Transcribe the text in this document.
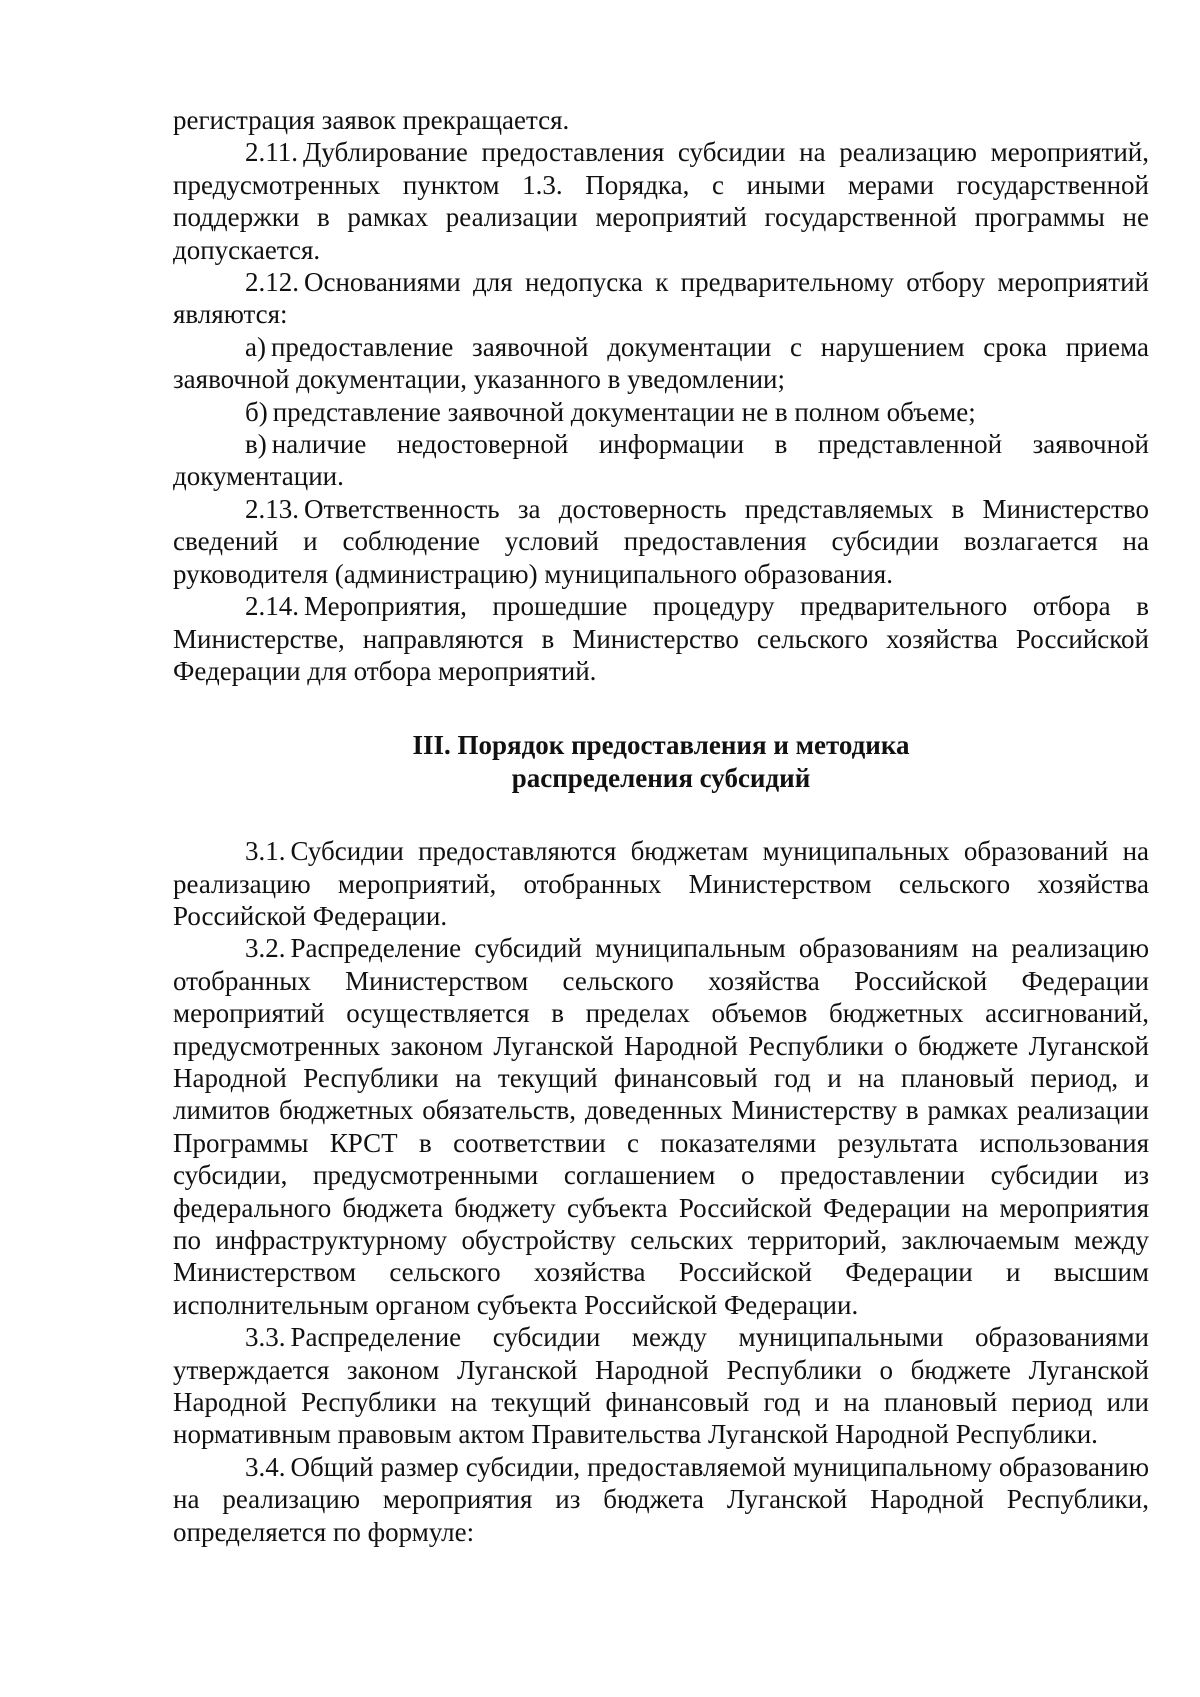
регистрация заявок прекращается.

2.11. Дублирование предоставления субсидии на реализацию мероприятий, предусмотренных пунктом 1.3. Порядка, с иными мерами государственной поддержки в рамках реализации мероприятий государственной программы не допускается.

2.12. Основаниями для недопуска к предварительному отбору мероприятий являются:

а) предоставление заявочной документации с нарушением срока приема заявочной документации, указанного в уведомлении;

б) представление заявочной документации не в полном объеме;

в) наличие недостоверной информации в представленной заявочной документации.

2.13. Ответственность за достоверность представляемых в Министерство сведений и соблюдение условий предоставления субсидии возлагается на руководителя (администрацию) муниципального образования.

2.14. Мероприятия, прошедшие процедуру предварительного отбора в Министерстве, направляются в Министерство сельского хозяйства Российской Федерации для отбора мероприятий.

III. Порядок предоставления и методика
распределения субсидий

3.1. Субсидии предоставляются бюджетам муниципальных образований на реализацию мероприятий, отобранных Министерством сельского хозяйства Российской Федерации.

3.2. Распределение субсидий муниципальным образованиям на реализацию отобранных Министерством сельского хозяйства Российской Федерации мероприятий осуществляется в пределах объемов бюджетных ассигнований, предусмотренных законом Луганской Народной Республики о бюджете Луганской Народной Республики на текущий финансовый год и на плановый период, и лимитов бюджетных обязательств, доведенных Министерству в рамках реализации Программы КРСТ в соответствии с показателями результата использования субсидии, предусмотренными соглашением о предоставлении субсидии из федерального бюджета бюджету субъекта Российской Федерации на мероприятия по инфраструктурному обустройству сельских территорий, заключаемым между Министерством сельского хозяйства Российской Федерации и высшим исполнительным органом субъекта Российской Федерации.

3.3. Распределение субсидии между муниципальными образованиями утверждается законом Луганской Народной Республики о бюджете Луганской Народной Республики на текущий финансовый год и на плановый период или нормативным правовым актом Правительства Луганской Народной Республики.

3.4. Общий размер субсидии, предоставляемой муниципальному образованию на реализацию мероприятия из бюджета Луганской Народной Республики, определяется по формуле:
